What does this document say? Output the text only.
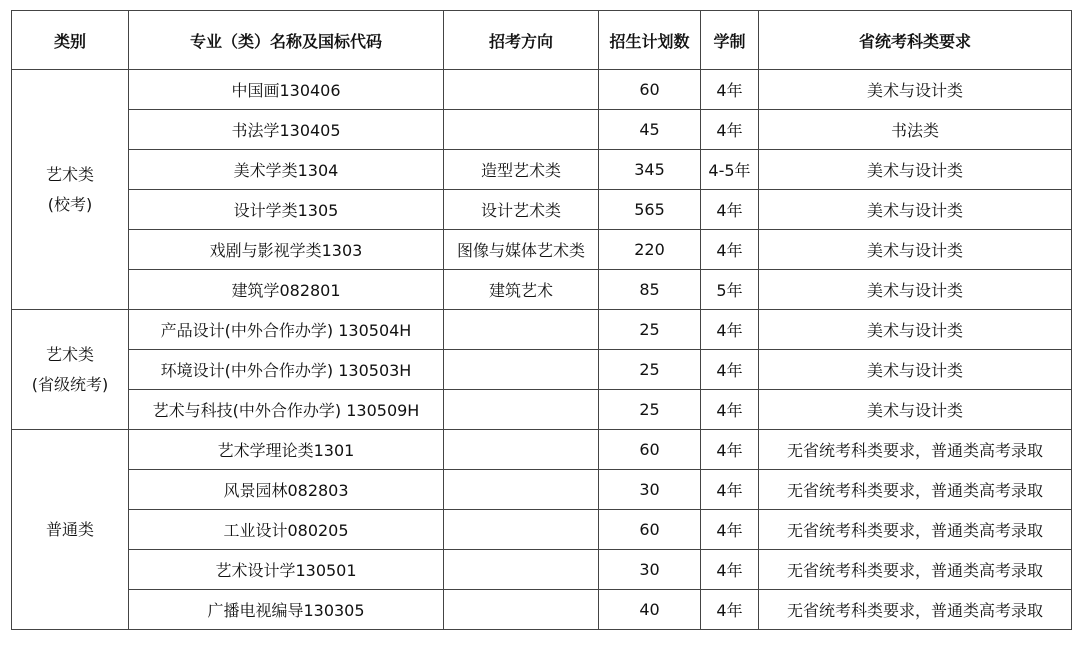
类别	专业（类）名称及国标代码	招考方向	招生计划数	学制	省统考科类要求

艺术类
(校考)	中国画130406		60	4年	美术与设计类
	书法学130405		45	4年	书法类
	美术学类1304	造型艺术类	345	4-5年	美术与设计类
	设计学类1305	设计艺术类	565	4年	美术与设计类
	戏剧与影视学类1303	图像与媒体艺术类	220	4年	美术与设计类
	建筑学082801	建筑艺术	85	5年	美术与设计类

艺术类
(省级统考)	产品设计(中外合作办学) 130504H		25	4年	美术与设计类
	环境设计(中外合作办学) 130503H		25	4年	美术与设计类
	艺术与科技(中外合作办学) 130509H		25	4年	美术与设计类

普通类	艺术学理论类1301		60	4年	无省统考科类要求，普通类高考录取
	风景园林082803		30	4年	无省统考科类要求，普通类高考录取
	工业设计080205		60	4年	无省统考科类要求，普通类高考录取
	艺术设计学130501		30	4年	无省统考科类要求，普通类高考录取
	广播电视编导130305		40	4年	无省统考科类要求，普通类高考录取
